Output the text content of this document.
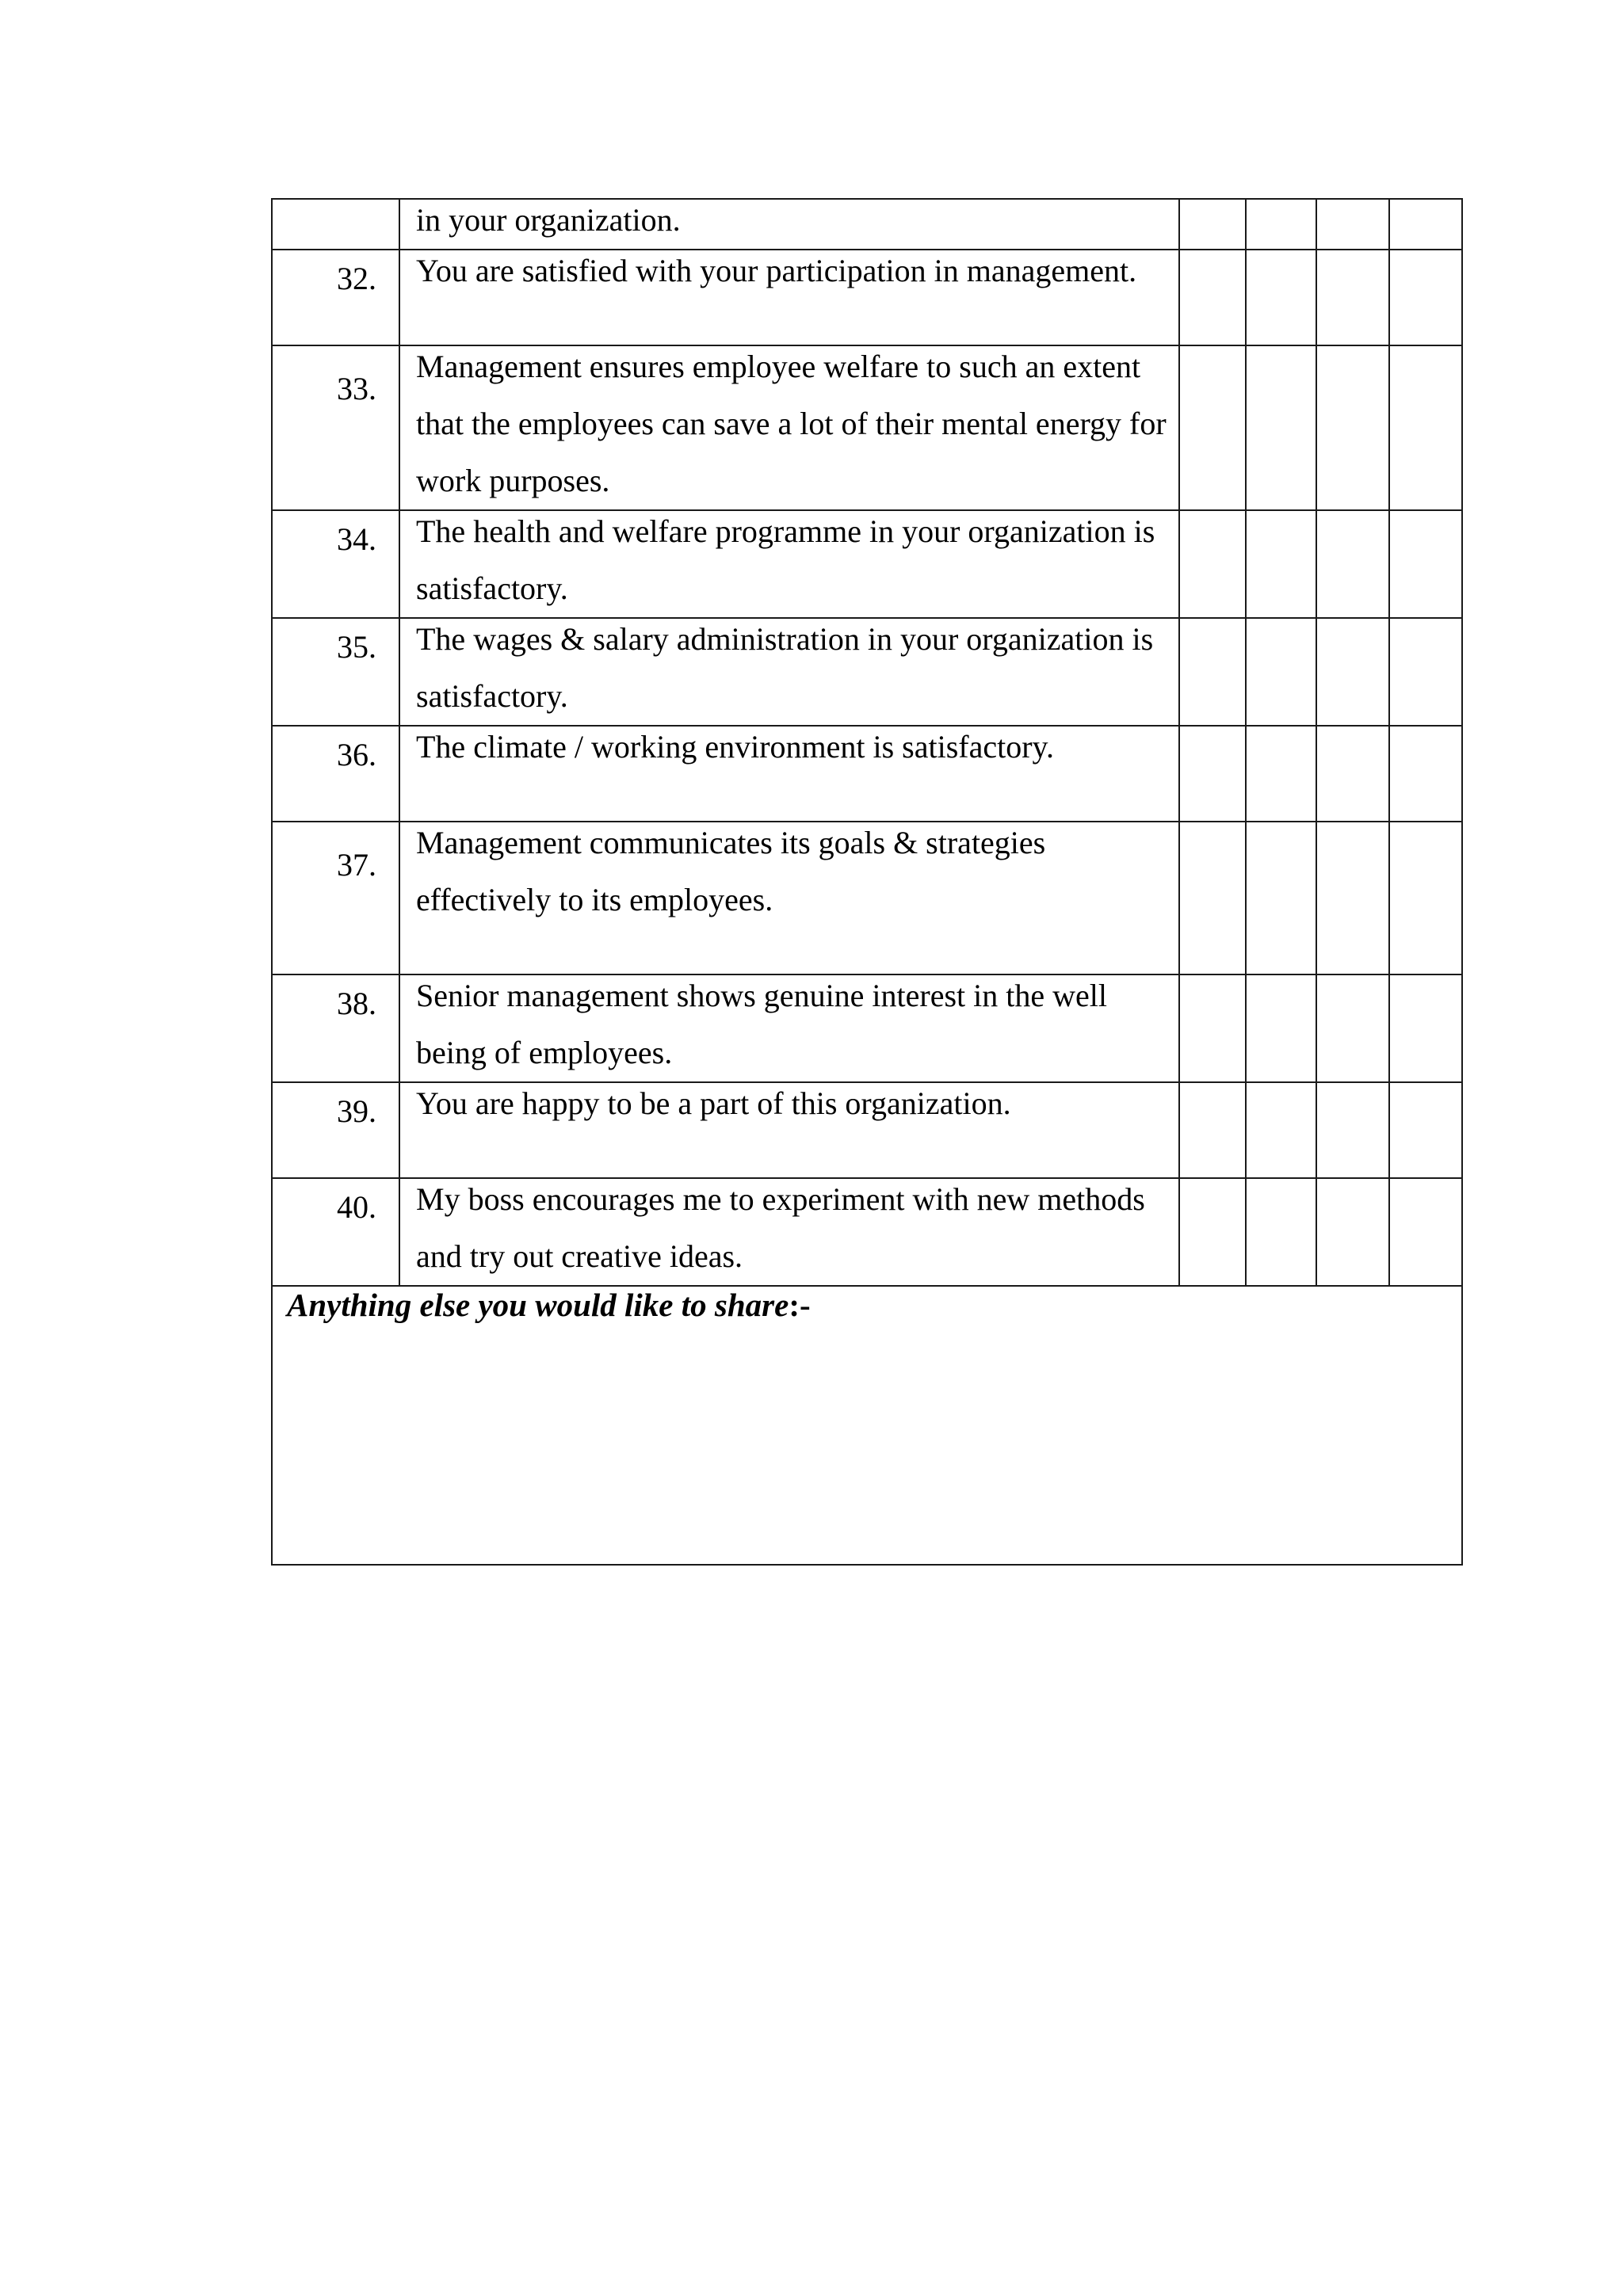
	in your organization.				

32.	You are satisfied with your participation in management.				

33.	Management ensures employee welfare to such an extent that the employees can save a lot of their mental energy for work purposes.				

34.	The health and welfare programme in your organization is satisfactory.				

35.	The wages & salary administration in your organization is satisfactory.				

36.	The climate / working environment is satisfactory.				

37.	Management communicates its goals & strategies effectively to its employees.				

38.	Senior management shows genuine interest in the well being of employees.				

39.	You are happy to be a part of this organization.				

40.	My boss encourages me to experiment with new methods and try out creative ideas.				

Anything else you would like to share:-					
